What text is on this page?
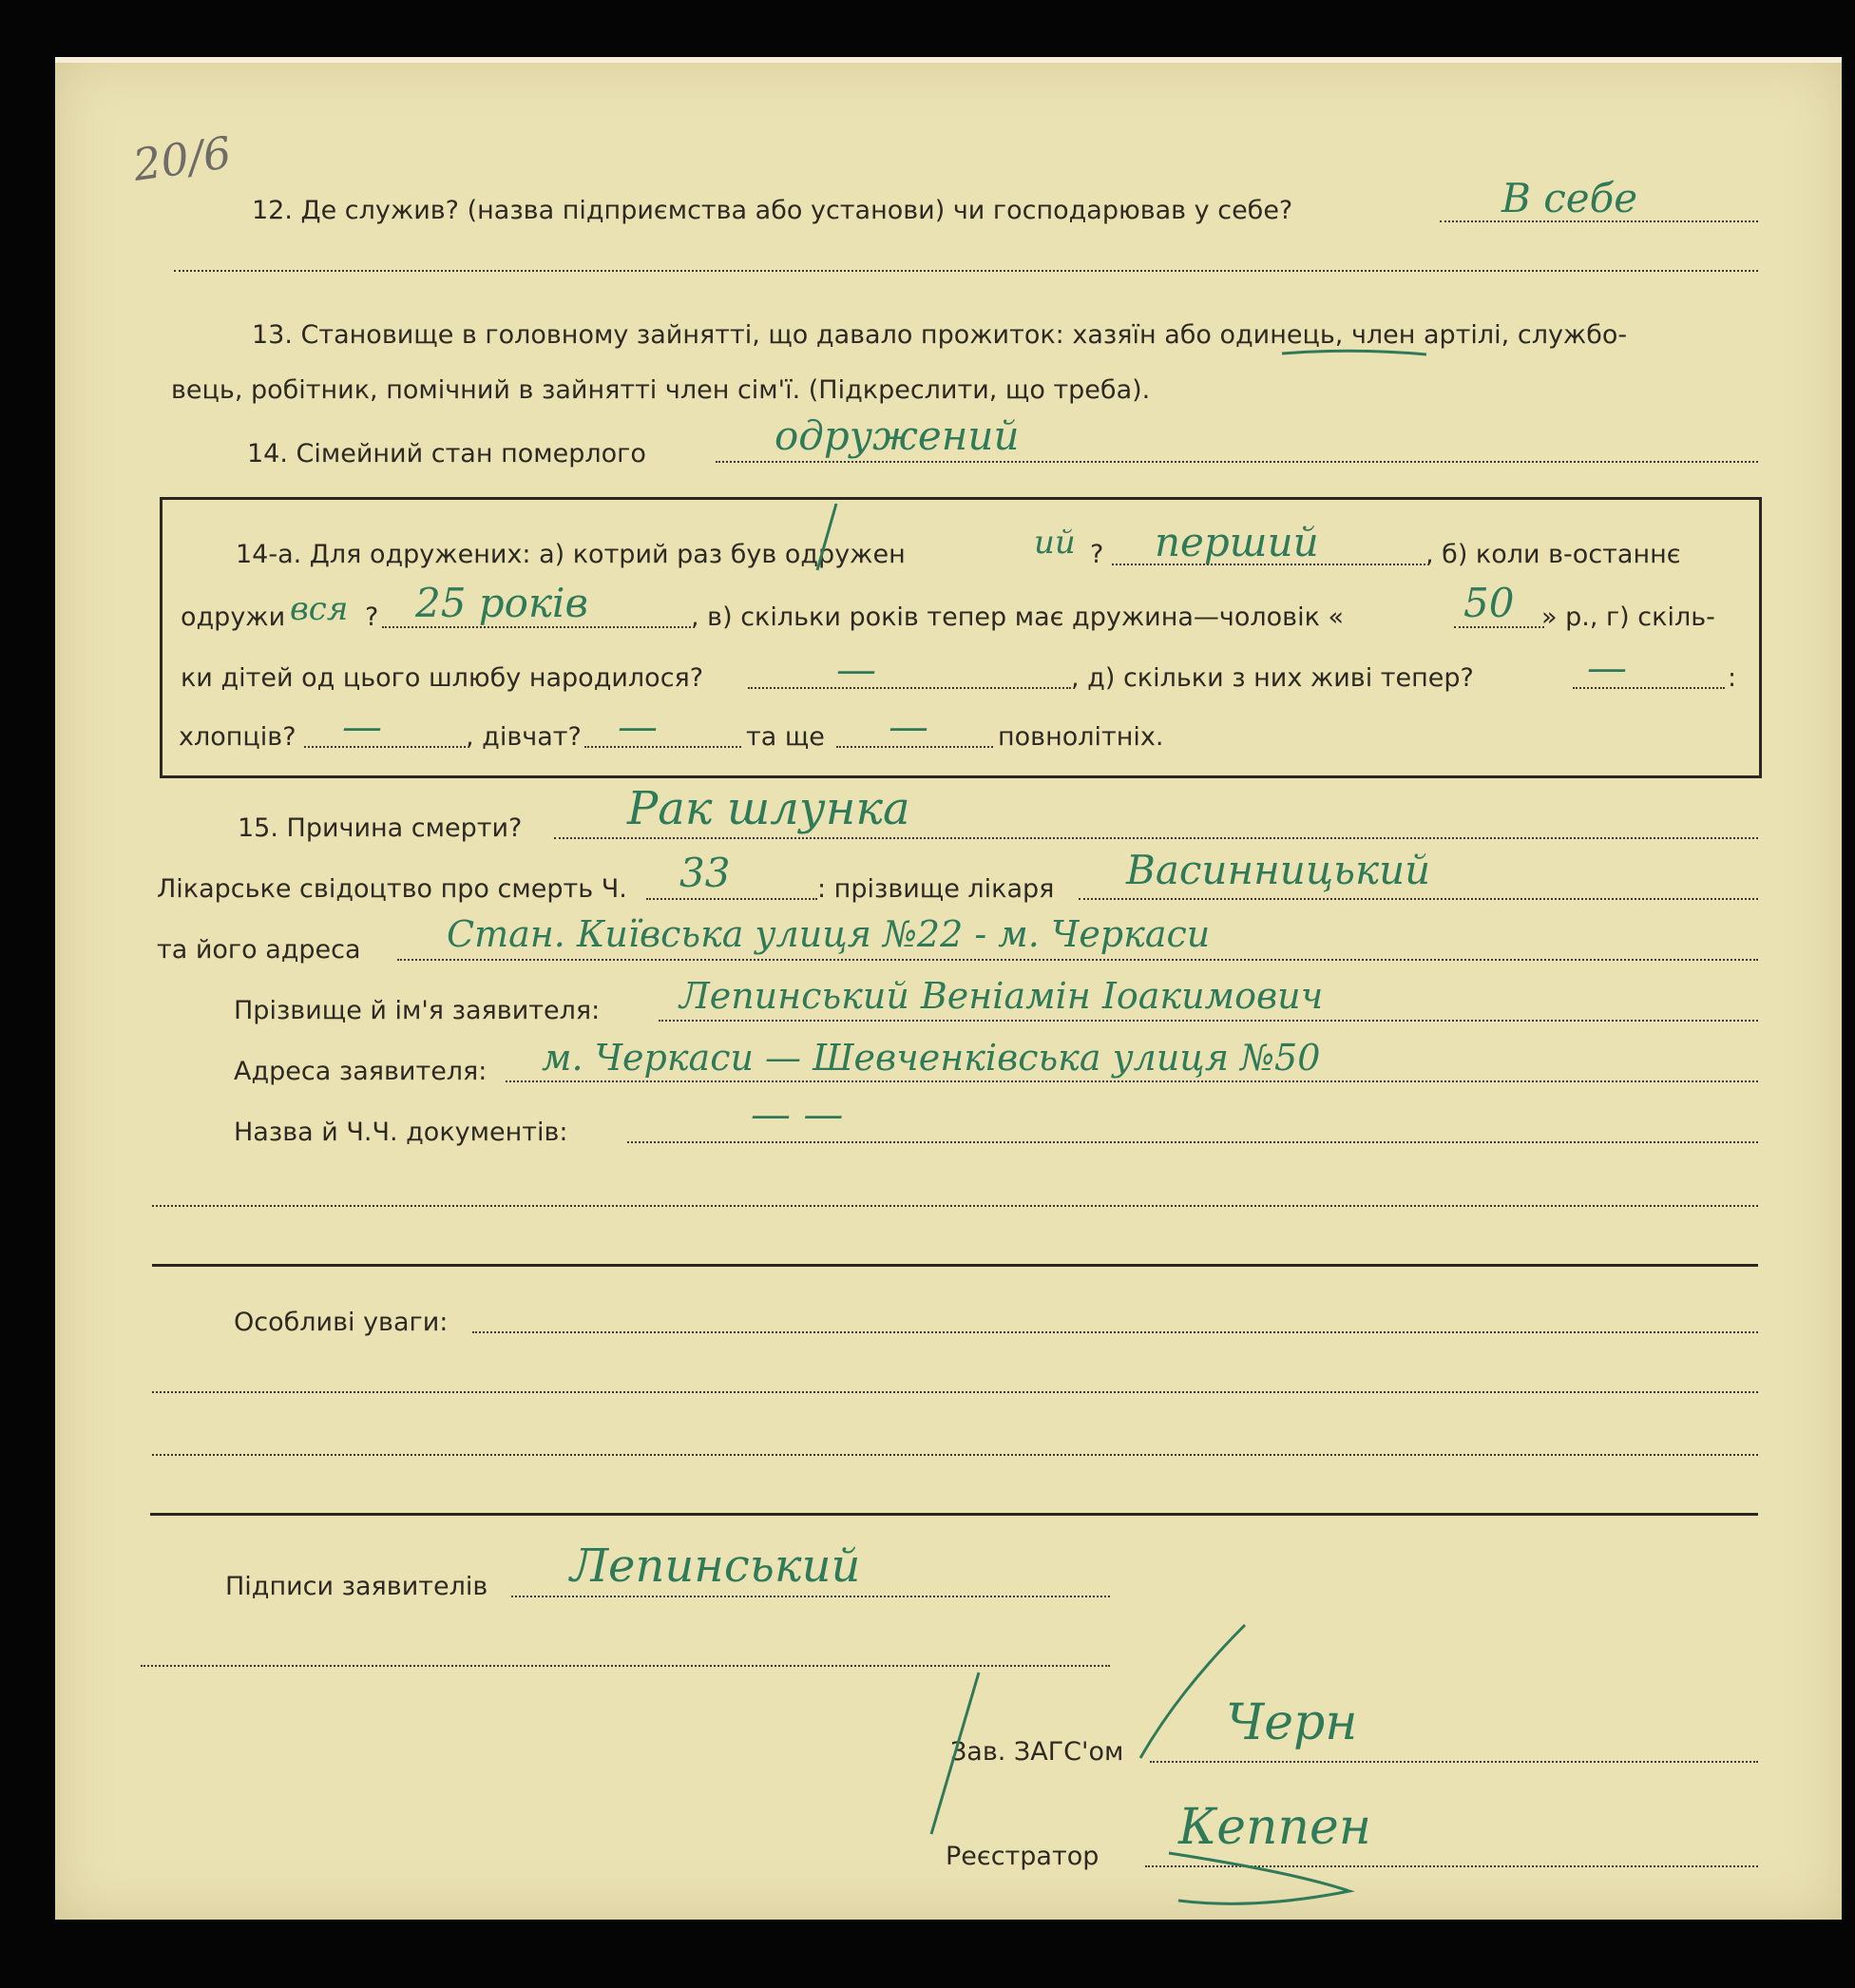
20/6
12. Де служив? (назва підприємства або установи) чи господарював у себе?	В себе
13. Становище в головному зайнятті, що давало прожиток: хазяїн або одинець, член артілі, службо-
вець, робітник, помічний в зайнятті член сім'ї. (Підкреслити, що треба).
14. Сімейний стан померлого	одружений
14-а. Для одружених: а) котрий раз був одружен	ий ? перший	, б) коли в-останнє
одружи вся ? 25 років	, в) скільки років тепер має дружина—чоловік «	50 » р., г) скіль-
ки дітей од цього шлюбу народилося?	—	, д) скільки з них живі тепер?	—	:
хлопців? —	, дівчат? —	та ще —	повнолітніх.
15. Причина смерти? Рак шлунка
Лікарське свідоцтво про смерть Ч. 33	: прізвище лікаря Васинницький
та його адреса Стан. Київська улиця №22 - м. Черкаси
Прізвище й ім'я заявителя: Лепинський Веніамін Іоакимович
Адреса заявителя: м. Черкаси — Шевченківська улиця №50
Назва й Ч.Ч. документів:	— —
Особливі уваги:
Підписи заявителів Лепинський
Зав. ЗАГС'ом
Черн
Реєстратор
Кеппен
